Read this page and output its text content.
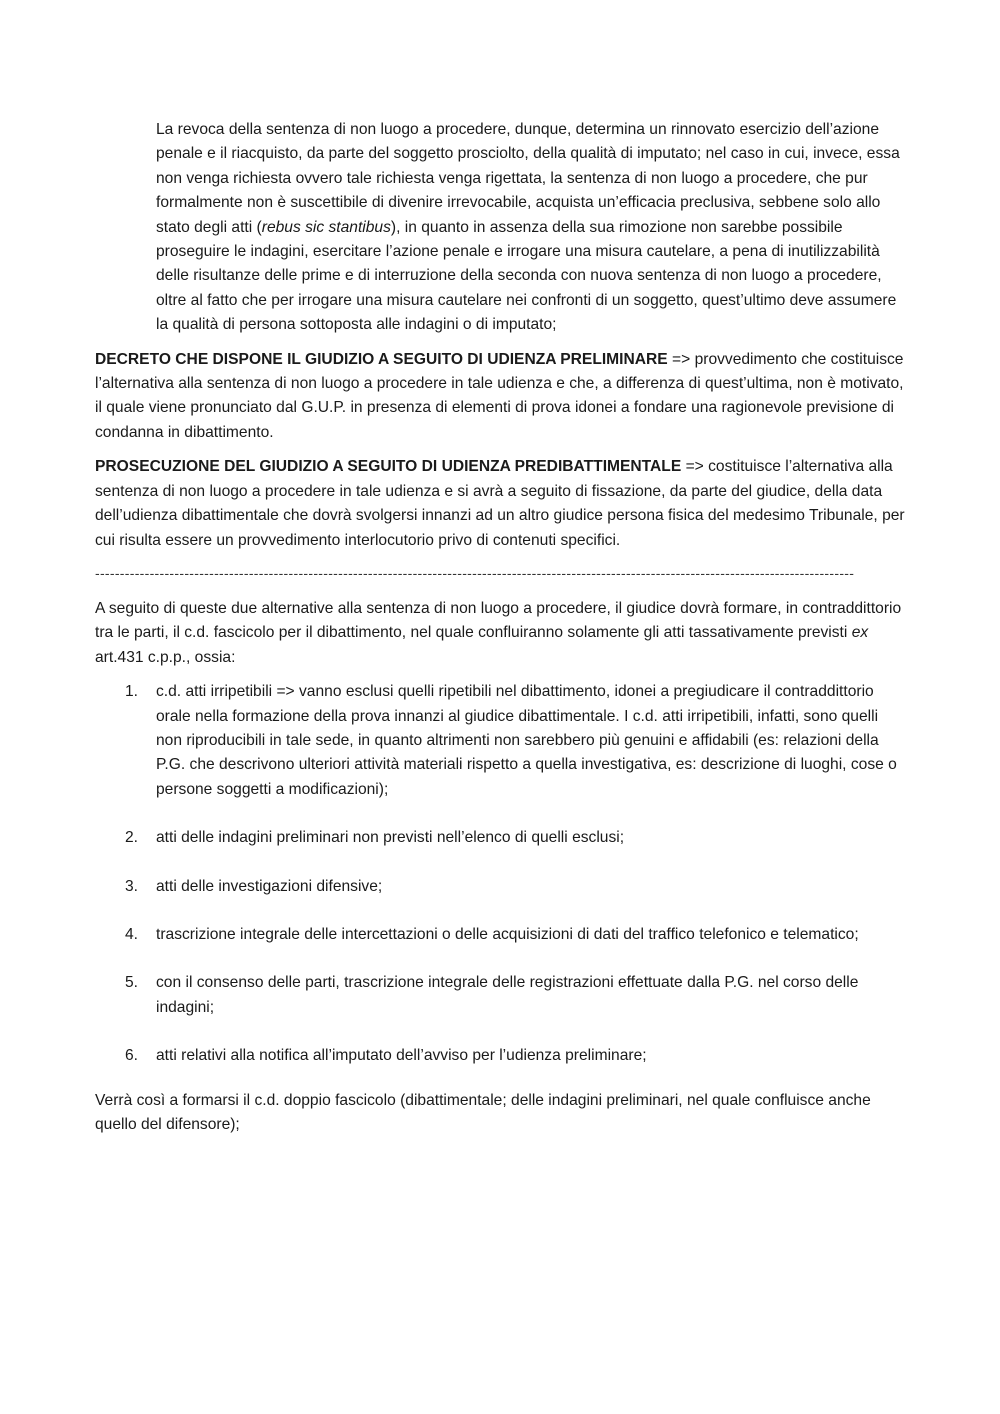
La revoca della sentenza di non luogo a procedere, dunque, determina un rinnovato esercizio dell’azione penale e il riacquisto, da parte del soggetto prosciolto, della qualità di imputato; nel caso in cui, invece, essa non venga richiesta ovvero tale richiesta venga rigettata, la sentenza di non luogo a procedere, che pur formalmente non è suscettibile di divenire irrevocabile, acquista un’efficacia preclusiva, sebbene solo allo stato degli atti (rebus sic stantibus), in quanto in assenza della sua rimozione non sarebbe possibile proseguire le indagini, esercitare l’azione penale e irrogare una misura cautelare, a pena di inutilizzabilità delle risultanze delle prime e di interruzione della seconda con nuova sentenza di non luogo a procedere, oltre al fatto che per irrogare una misura cautelare nei confronti di un soggetto, quest’ultimo deve assumere la qualità di persona sottoposta alle indagini o di imputato;

DECRETO CHE DISPONE IL GIUDIZIO A SEGUITO DI UDIENZA PRELIMINARE => provvedimento che costituisce l’alternativa alla sentenza di non luogo a procedere in tale udienza e che, a differenza di quest’ultima, non è motivato, il quale viene pronunciato dal G.U.P. in presenza di elementi di prova idonei a fondare una ragionevole previsione di condanna in dibattimento.

PROSECUZIONE DEL GIUDIZIO A SEGUITO DI UDIENZA PREDIBATTIMENTALE => costituisce l’alternativa alla sentenza di non luogo a procedere in tale udienza e si avrà a seguito di fissazione, da parte del giudice, della data dell’udienza dibattimentale che dovrà svolgersi innanzi ad un altro giudice persona fisica del medesimo Tribunale, per cui risulta essere un provvedimento interlocutorio privo di contenuti specifici.

---------------------------------------------------------------------------------------------------------------------------------------------------------

A seguito di queste due alternative alla sentenza di non luogo a procedere, il giudice dovrà formare, in contraddittorio tra le parti, il c.d. fascicolo per il dibattimento, nel quale confluiranno solamente gli atti tassativamente previsti ex art.431 c.p.p., ossia:

1. c.d. atti irripetibili => vanno esclusi quelli ripetibili nel dibattimento, idonei a pregiudicare il contraddittorio orale nella formazione della prova innanzi al giudice dibattimentale. I c.d. atti irripetibili, infatti, sono quelli non riproducibili in tale sede, in quanto altrimenti non sarebbero più genuini e affidabili (es: relazioni della P.G. che descrivono ulteriori attività materiali rispetto a quella investigativa, es: descrizione di luoghi, cose o persone soggetti a modificazioni);
2. atti delle indagini preliminari non previsti nell’elenco di quelli esclusi;
3. atti delle investigazioni difensive;
4. trascrizione integrale delle intercettazioni o delle acquisizioni di dati del traffico telefonico e telematico;
5. con il consenso delle parti, trascrizione integrale delle registrazioni effettuate dalla P.G. nel corso delle indagini;
6. atti relativi alla notifica all’imputato dell’avviso per l’udienza preliminare;

Verrà così a formarsi il c.d. doppio fascicolo (dibattimentale; delle indagini preliminari, nel quale confluisce anche quello del difensore);
